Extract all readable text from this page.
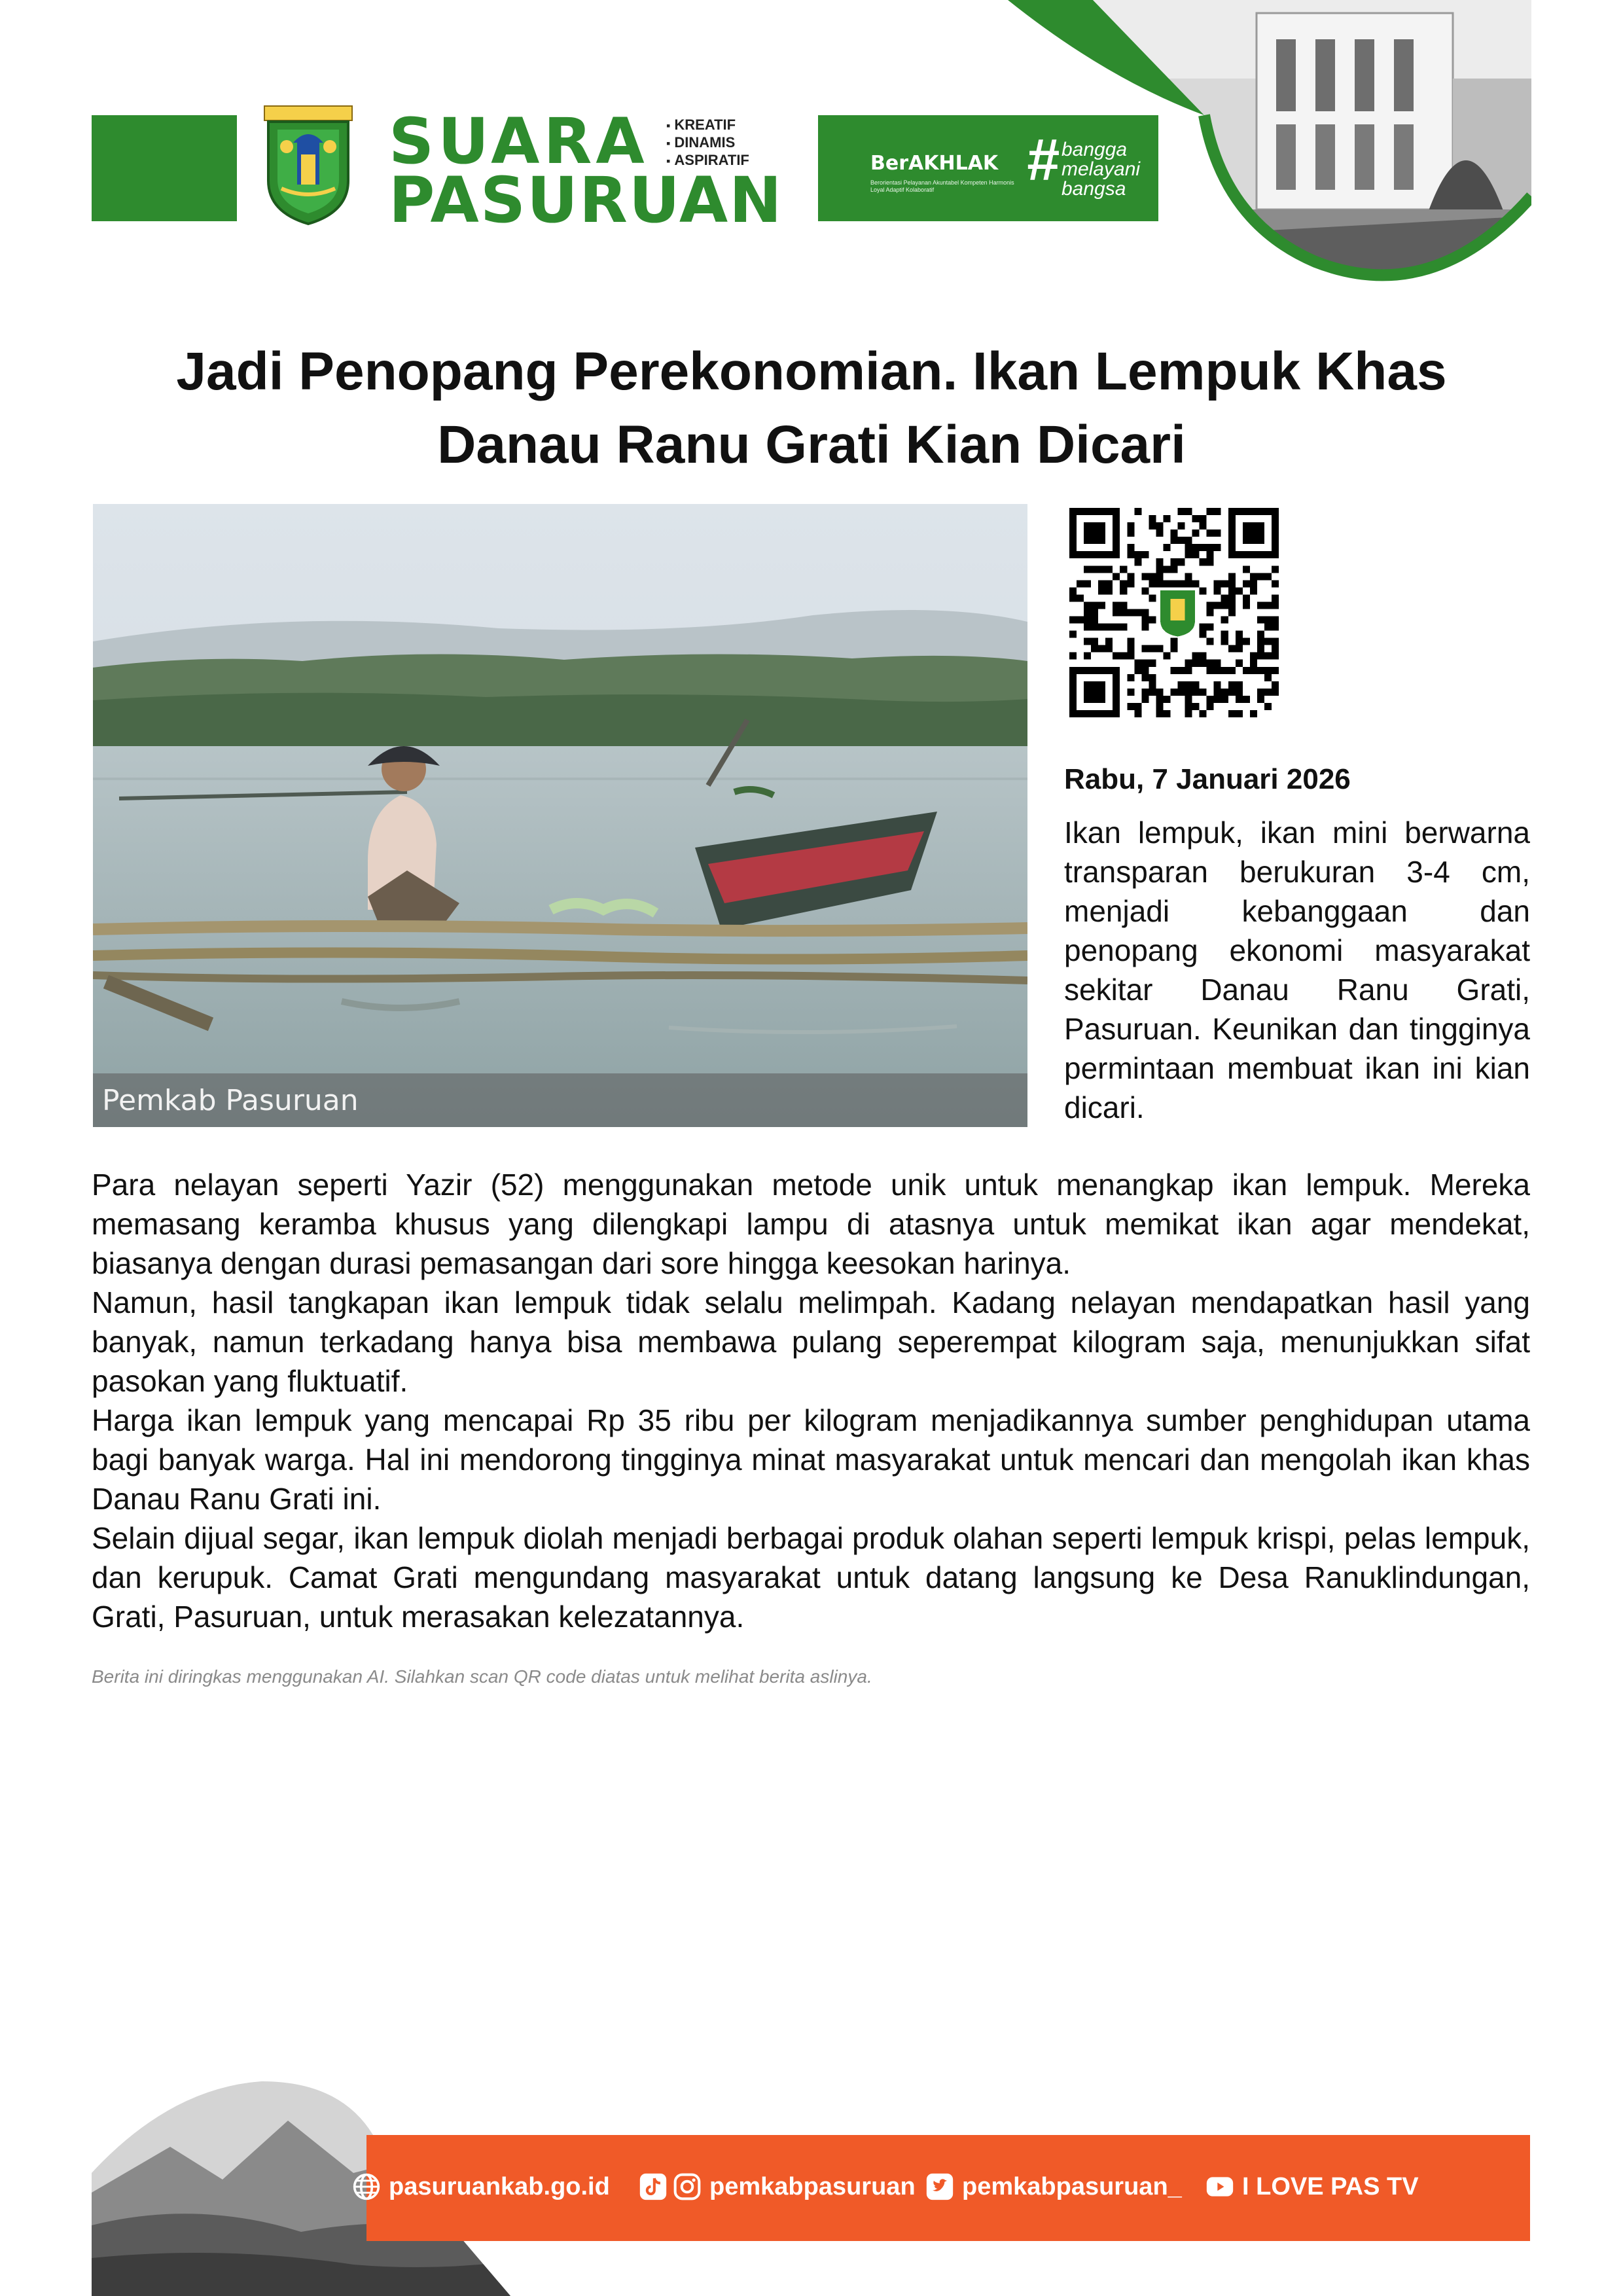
SUARA
PASURUAN
▪ KREATIF
▪ DINAMIS
▪ ASPIRATIF	BerAKHLAK
Berorientasi Pelayanan Akuntabel Kompeten Harmonis Loyal Adaptif Kolaboratif	# bangga
melayani
bangsa
Jadi Penopang Perekonomian. Ikan Lempuk Khas Danau Ranu Grati Kian Dicari
Pemkab Pasuruan
Rabu, 7 Januari 2026
Ikan lempuk, ikan mini berwarna transparan berukuran 3-4 cm, menjadi kebanggaan dan penopang ekonomi masyarakat sekitar Danau Ranu Grati, Pasuruan. Keunikan dan tingginya permintaan membuat ikan ini kian dicari.

Para nelayan seperti Yazir (52) menggunakan metode unik untuk menangkap ikan lempuk. Mereka memasang keramba khusus yang dilengkapi lampu di atasnya untuk memikat ikan agar mendekat, biasanya dengan durasi pemasangan dari sore hingga keesokan harinya.

Namun, hasil tangkapan ikan lempuk tidak selalu melimpah. Kadang nelayan mendapatkan hasil yang banyak, namun terkadang hanya bisa membawa pulang seperempat kilogram saja, menunjukkan sifat pasokan yang fluktuatif.

Harga ikan lempuk yang mencapai Rp 35 ribu per kilogram menjadikannya sumber penghidupan utama bagi banyak warga. Hal ini mendorong tingginya minat masyarakat untuk mencari dan mengolah ikan khas Danau Ranu Grati ini.

Selain dijual segar, ikan lempuk diolah menjadi berbagai produk olahan seperti lempuk krispi, pelas lempuk, dan kerupuk. Camat Grati mengundang masyarakat untuk datang langsung ke Desa Ranuklindungan, Grati, Pasuruan, untuk merasakan kelezatannya.

Berita ini diringkas menggunakan AI. Silahkan scan QR code diatas untuk melihat berita aslinya.
pasuruankab.go.id	pemkabpasuruan pemkabpasuruan_ I LOVE PAS TV
